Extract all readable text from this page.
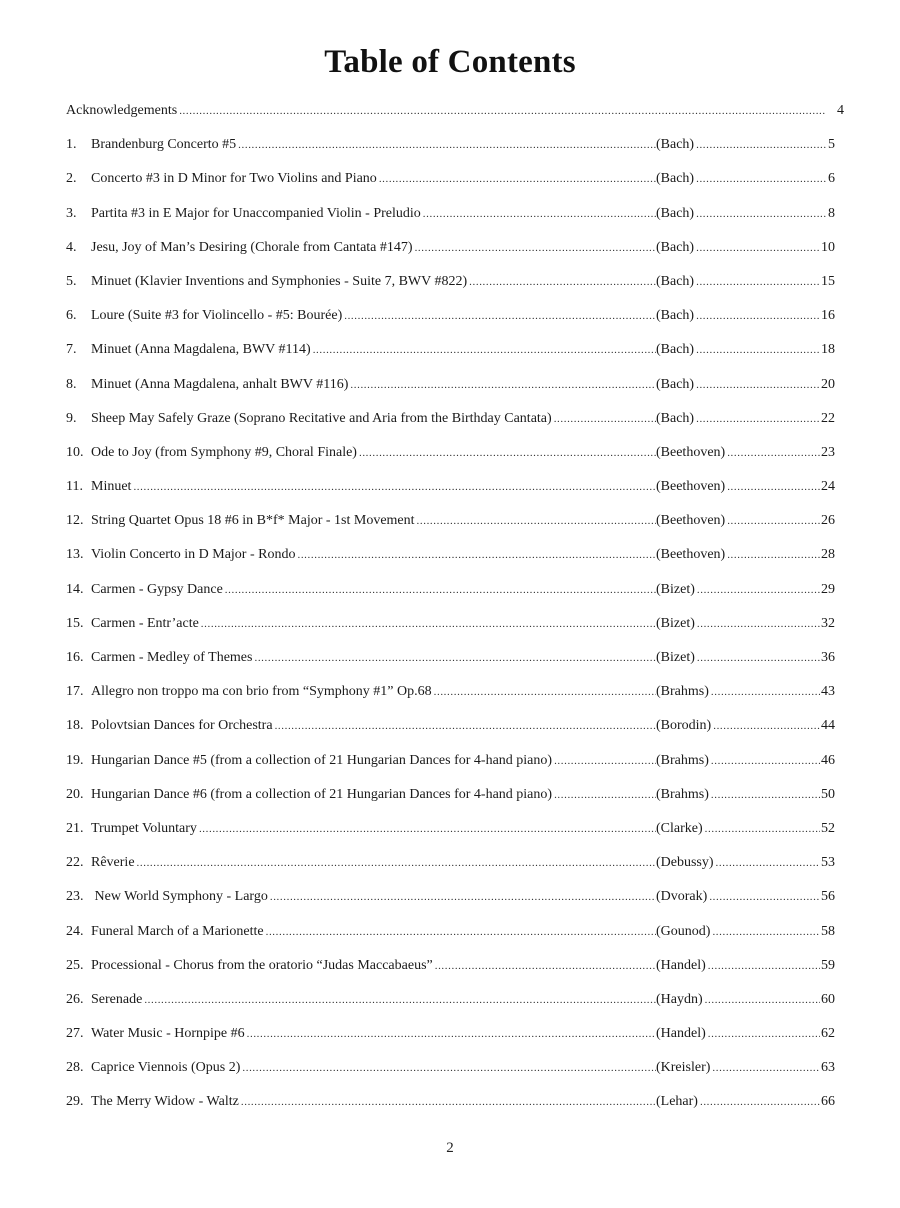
Table of Contents
Acknowledgements .....	4
1.	Brandenburg Concerto #5 .....	(Bach) .....	5
2.	Concerto #3 in D Minor for Two Violins and Piano .....	(Bach) .....	6
3.	Partita #3 in E Major for Unaccompanied Violin - Preludio .....	(Bach) .....	8
4.	Jesu, Joy of Man’s Desiring (Chorale from Cantata #147) .....	(Bach) .....	10
5.	Minuet (Klavier Inventions and Symphonies - Suite 7, BWV #822) .....	(Bach) .....	15
6.	Loure (Suite #3 for Violincello - #5: Bourée) .....	(Bach) .....	16
7.	Minuet (Anna Magdalena, BWV #114) .....	(Bach) .....	18
8.	Minuet (Anna Magdalena, anhalt BWV #116) .....	(Bach) .....	20
9.	Sheep May Safely Graze (Soprano Recitative and Aria from the Birthday Cantata) .....	(Bach) .....	22
10. Ode to Joy (from Symphony #9, Choral Finale) .....	(Beethoven) .....	23
11. Minuet .....	(Beethoven) .....	24
12. String Quartet Opus 18 #6 in B*f* Major - 1st Movement .....	(Beethoven) .....	26
13. Violin Concerto in D Major - Rondo .....	(Beethoven) .....	28
14. Carmen - Gypsy Dance .....	(Bizet) .....	29
15. Carmen - Entr’acte .....	(Bizet) .....	32
16. Carmen - Medley of Themes .....	(Bizet) .....	36
17. Allegro non troppo ma con brio from “Symphony #1” Op.68 .....	(Brahms) .....	43
18. Polovtsian Dances for Orchestra .....	(Borodin) .....	44
19. Hungarian Dance #5 (from a collection of 21 Hungarian Dances for 4-hand piano) .....	(Brahms) .....	46
20. Hungarian Dance #6 (from a collection of 21 Hungarian Dances for 4-hand piano) .....	(Brahms) .....	50
21. Trumpet Voluntary .....	(Clarke) .....	52
22. Rêverie .....	(Debussy) .....	53
23. New World Symphony - Largo .....	(Dvorak) .....	56
24. Funeral March of a Marionette .....	(Gounod) .....	58
25. Processional - Chorus from the oratorio “Judas Maccabaeus” .....	(Handel) .....	59
26. Serenade .....	(Haydn) .....	60
27. Water Music - Hornpipe #6 .....	(Handel) .....	62
28. Caprice Viennois (Opus 2) .....	(Kreisler) .....	63
29. The Merry Widow - Waltz .....	(Lehar) .....	66
2
